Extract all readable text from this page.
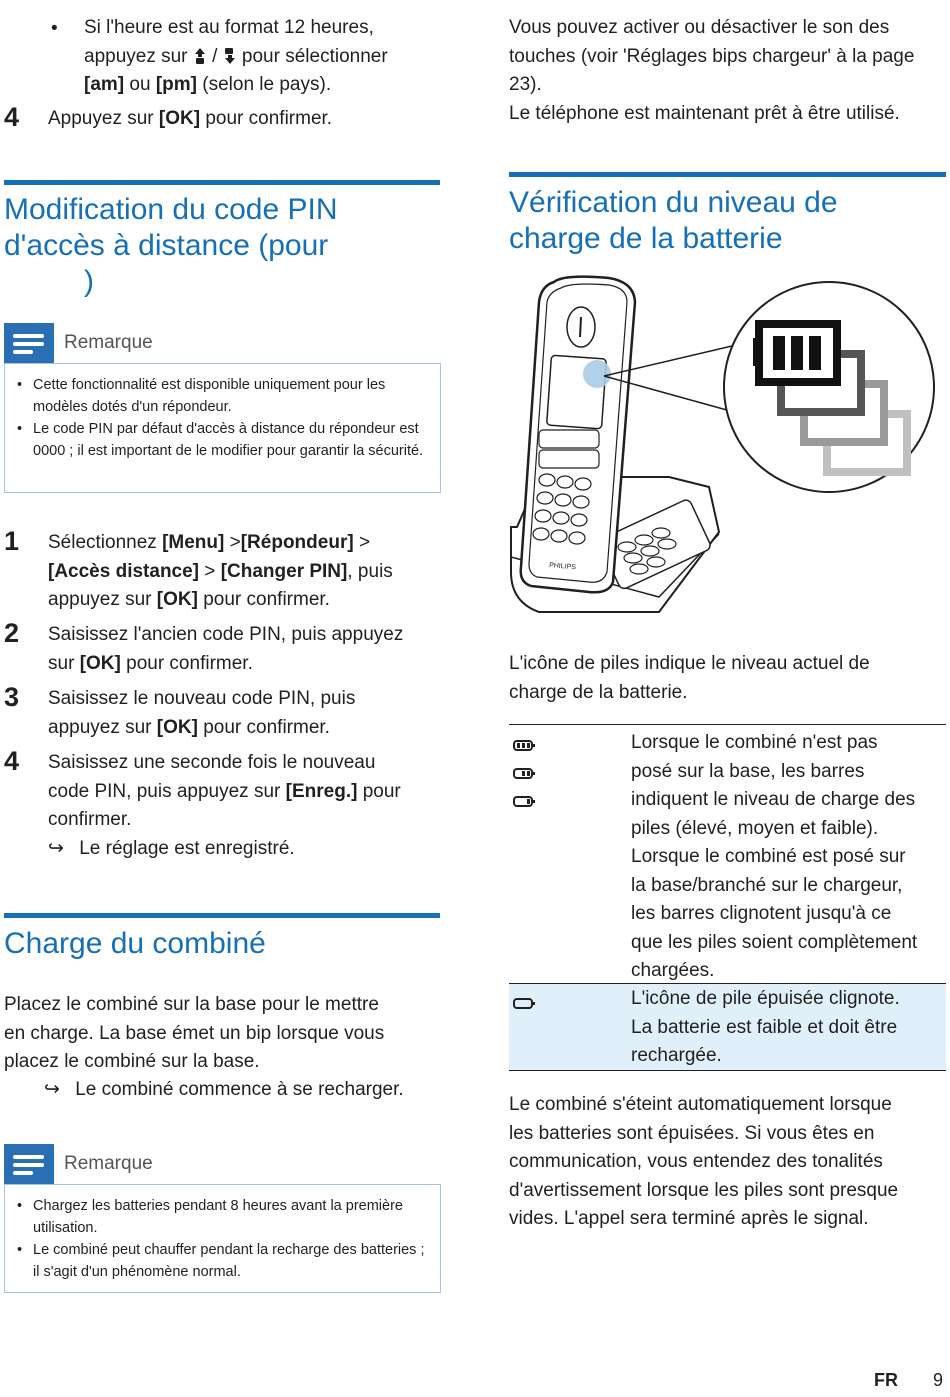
• Si l'heure est au format 12 heures,
appuyez sur / pour sélectionner
[am] ou [pm] (selon le pays).
4 Appuyez sur [OK] pour confirmer.
Modification du code PIN
d'accès à distance (pour
)
Remarque
• Cette fonctionnalité est disponible uniquement pour les modèles dotés d'un répondeur.
• Le code PIN par défaut d'accès à distance du répondeur est 0000 ; il est important de le modifier pour garantir la sécurité.
1 Sélectionnez [Menu] >[Répondeur] >
[Accès distance] > [Changer PIN], puis
appuyez sur [OK] pour confirmer.
2 Saisissez l'ancien code PIN, puis appuyez
sur [OK] pour confirmer.
3 Saisissez le nouveau code PIN, puis
appuyez sur [OK] pour confirmer.
4 Saisissez une seconde fois le nouveau
code PIN, puis appuyez sur [Enreg.] pour
confirmer.
↪ Le réglage est enregistré.
Charge du combiné
Placez le combiné sur la base pour le mettre
en charge. La base émet un bip lorsque vous
placez le combiné sur la base.
↪ Le combiné commence à se recharger.
Remarque
• Chargez les batteries pendant 8 heures avant la première utilisation.
• Le combiné peut chauffer pendant la recharge des batteries ; il s'agit d'un phénomène normal.
Vous pouvez activer ou désactiver le son des
touches (voir 'Réglages bips chargeur' à la page
23).
Le téléphone est maintenant prêt à être utilisé.
Vérification du niveau de
charge de la batterie
PHILIPS
L'icône de piles indique le niveau actuel de
charge de la batterie.
Lorsque le combiné n'est pas
posé sur la base, les barres
indiquent le niveau de charge des
piles (élevé, moyen et faible).
Lorsque le combiné est posé sur
la base/branché sur le chargeur,
les barres clignotent jusqu'à ce
que les piles soient complètement
chargées.
L'icône de pile épuisée clignote.
La batterie est faible et doit être
rechargée.
Le combiné s'éteint automatiquement lorsque
les batteries sont épuisées. Si vous êtes en
communication, vous entendez des tonalités
d'avertissement lorsque les piles sont presque
vides. L'appel sera terminé après le signal.
FR 9
